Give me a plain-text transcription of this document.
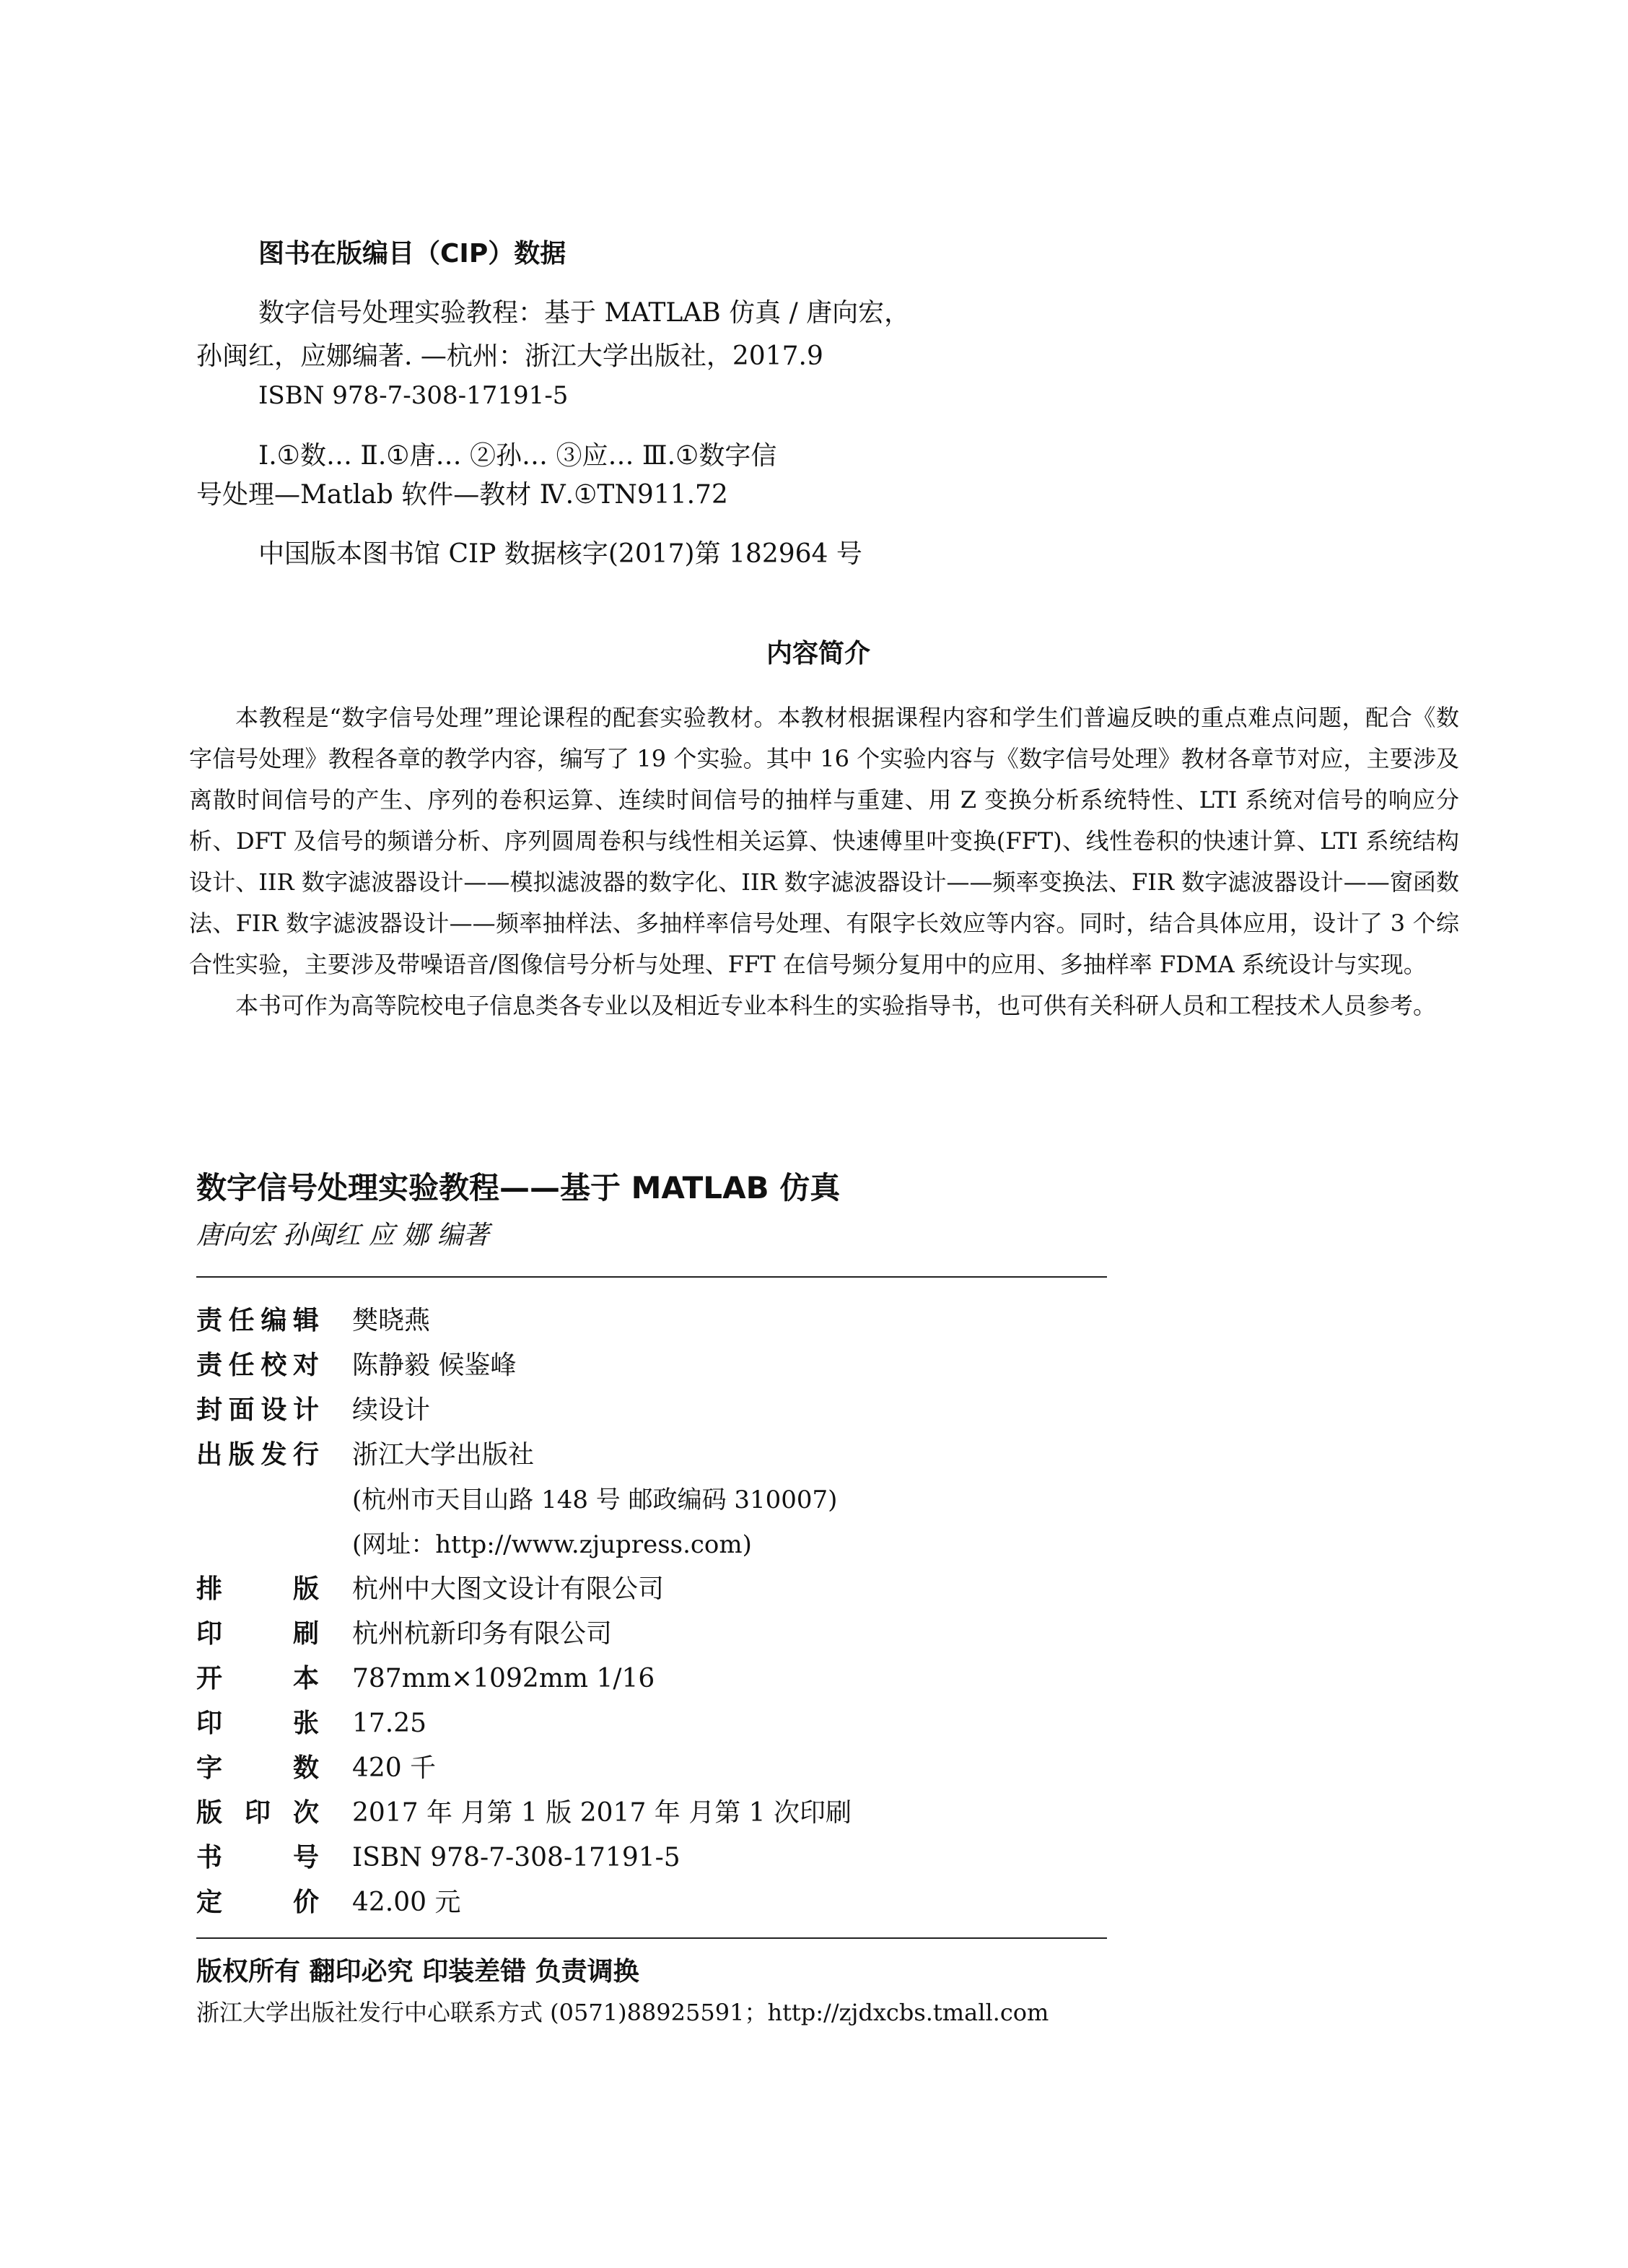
图书在版编目（CIP）数据
数字信号处理实验教程：基于 MATLAB 仿真 / 唐向宏，
孙闽红，应娜编著. —杭州：浙江大学出版社，2017.9
ISBN 978-7-308-17191-5
Ⅰ.①数… Ⅱ.①唐… ②孙… ③应… Ⅲ.①数字信
号处理—Matlab 软件—教材 Ⅳ.①TN911.72
中国版本图书馆 CIP 数据核字(2017)第 182964 号
内容简介

本教程是“数字信号处理”理论课程的配套实验教材。本教材根据课程内容和学生们普遍反映的重点难点问题，配合《数字信号处理》教程各章的教学内容，编写了 19 个实验。其中 16 个实验内容与《数字信号处理》教材各章节对应，主要涉及离散时间信号的产生、序列的卷积运算、连续时间信号的抽样与重建、用 Z 变换分析系统特性、LTI 系统对信号的响应分析、DFT 及信号的频谱分析、序列圆周卷积与线性相关运算、快速傅里叶变换(FFT)、线性卷积的快速计算、LTI 系统结构设计、IIR 数字滤波器设计——模拟滤波器的数字化、IIR 数字滤波器设计——频率变换法、FIR 数字滤波器设计——窗函数法、FIR 数字滤波器设计——频率抽样法、多抽样率信号处理、有限字长效应等内容。同时，结合具体应用，设计了 3 个综合性实验，主要涉及带噪语音/图像信号分析与处理、FFT 在信号频分复用中的应用、多抽样率 FDMA 系统设计与实现。

本书可作为高等院校电子信息类各专业以及相近专业本科生的实验指导书，也可供有关科研人员和工程技术人员参考。

数字信号处理实验教程——基于 MATLAB 仿真
唐向宏 孙闽红 应 娜 编著
责任编辑 樊晓燕
责任校对 陈静毅 候鉴峰
封面设计 续设计
出版发行 浙江大学出版社
(杭州市天目山路 148 号 邮政编码 310007)
(网址：http://www.zjupress.com)
排版 杭州中大图文设计有限公司
印刷 杭州杭新印务有限公司
开本 787mm×1092mm 1/16
印张 17.25
字数 420 千
版印次 2017 年 月第 1 版 2017 年 月第 1 次印刷
书号 ISBN 978-7-308-17191-5
定价 42.00 元
版权所有 翻印必究 印装差错 负责调换
浙江大学出版社发行中心联系方式 (0571)88925591；http://zjdxcbs.tmall.com
